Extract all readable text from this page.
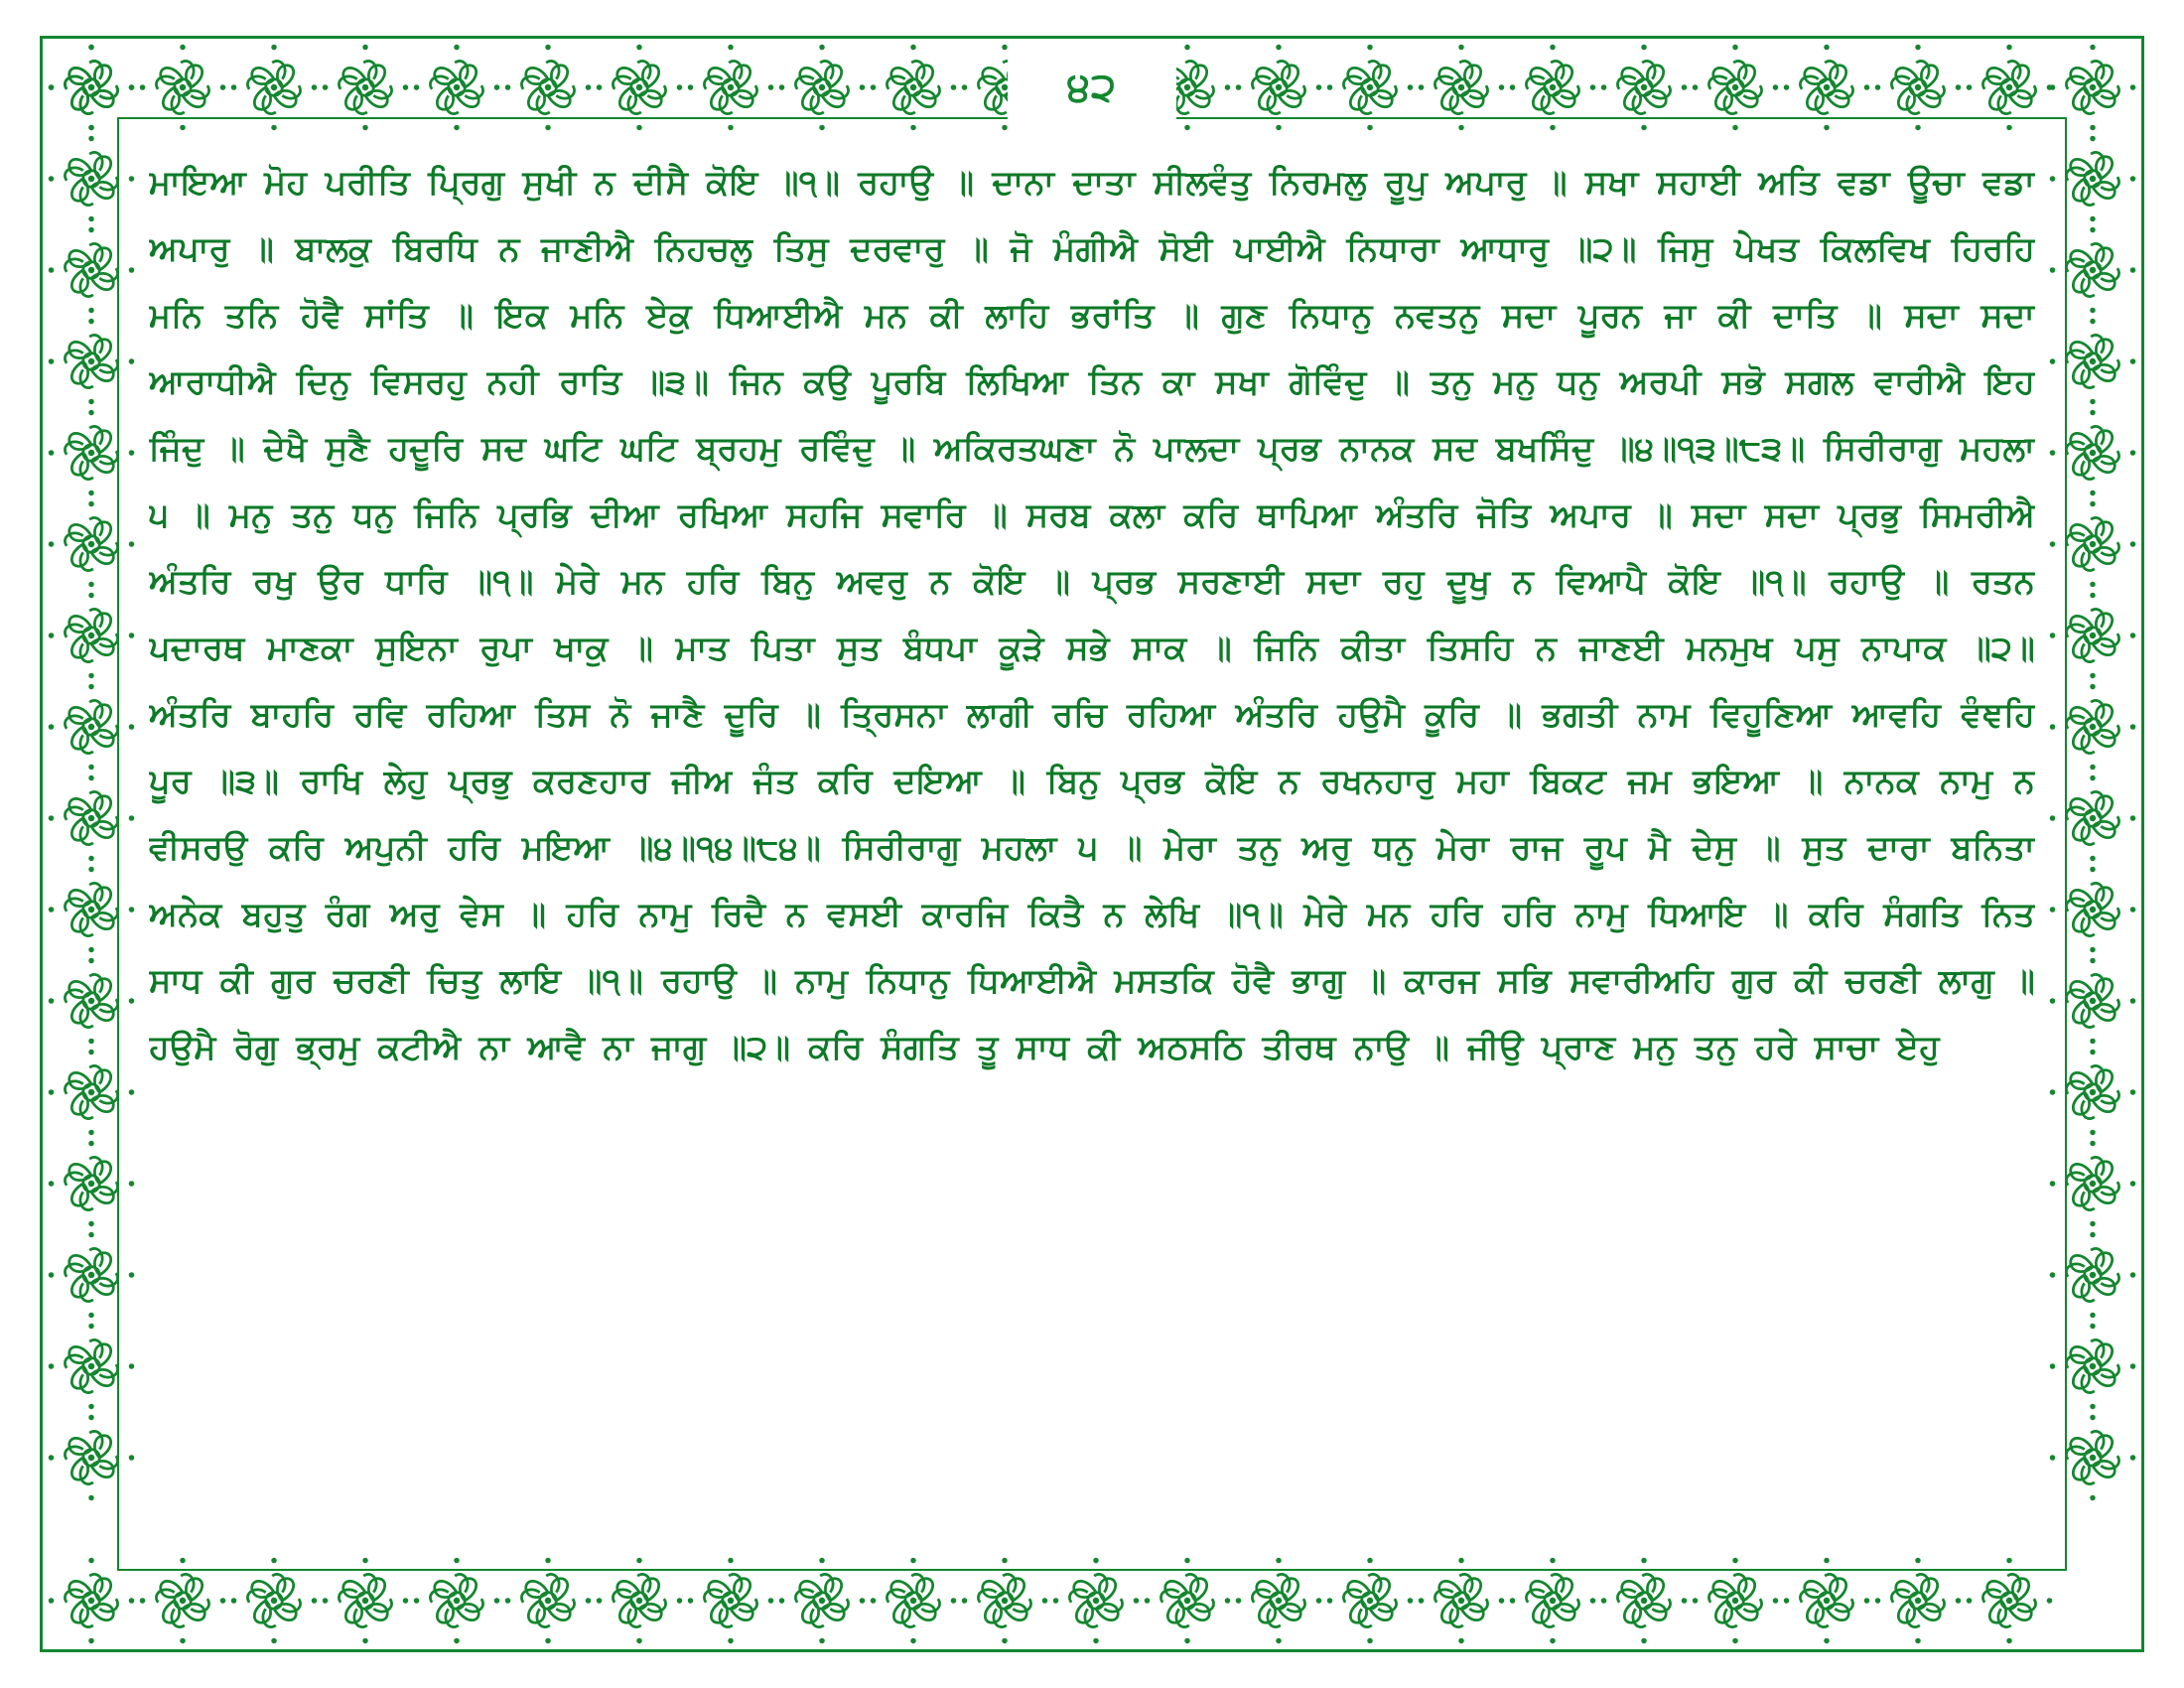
੪੨

ਮਾਇਆ ਮੋਹ ਪਰੀਤਿ ਪ੍ਰਿਗੁ ਸੁਖੀ ਨ ਦੀਸੈ ਕੋਇ ॥੧॥ ਰਹਾਉ ॥ ਦਾਨਾ ਦਾਤਾ ਸੀਲਵੰਤੁ ਨਿਰਮਲੁ ਰੂਪੁ ਅਪਾਰੁ ॥ ਸਖਾ ਸਹਾਈ ਅਤਿ ਵਡਾ ਊਚਾ ਵਡਾ ਅਪਾਰੁ ॥ ਬਾਲਕੁ ਬਿਰਧਿ ਨ ਜਾਣੀਐ ਨਿਹਚਲੁ ਤਿਸੁ ਦਰਵਾਰੁ ॥ ਜੋ ਮੰਗੀਐ ਸੋਈ ਪਾਈਐ ਨਿਧਾਰਾ ਆਧਾਰੁ ॥੨॥ ਜਿਸੁ ਪੇਖਤ ਕਿਲਵਿਖ ਹਿਰਹਿ ਮਨਿ ਤਨਿ ਹੋਵੈ ਸਾਂਤਿ ॥ ਇਕ ਮਨਿ ਏਕੁ ਧਿਆਈਐ ਮਨ ਕੀ ਲਾਹਿ ਭਰਾਂਤਿ ॥ ਗੁਣ ਨਿਧਾਨੁ ਨਵਤਨੁ ਸਦਾ ਪੂਰਨ ਜਾ ਕੀ ਦਾਤਿ ॥ ਸਦਾ ਸਦਾ ਆਰਾਧੀਐ ਦਿਨੁ ਵਿਸਰਹੁ ਨਹੀ ਰਾਤਿ ॥੩॥ ਜਿਨ ਕਉ ਪੂਰਬਿ ਲਿਖਿਆ ਤਿਨ ਕਾ ਸਖਾ ਗੋਵਿੰਦੁ ॥ ਤਨੁ ਮਨੁ ਧਨੁ ਅਰਪੀ ਸਭੋ ਸਗਲ ਵਾਰੀਐ ਇਹ ਜਿੰਦੁ ॥ ਦੇਖੈ ਸੁਣੈ ਹਦੂਰਿ ਸਦ ਘਟਿ ਘਟਿ ਬ੍ਰਹਮੁ ਰਵਿੰਦੁ ॥ ਅਕਿਰਤਘਣਾ ਨੋ ਪਾਲਦਾ ਪ੍ਰਭ ਨਾਨਕ ਸਦ ਬਖਸਿੰਦੁ ॥੪॥੧੩॥੮੩॥ ਸਿਰੀਰਾਗੁ ਮਹਲਾ ੫ ॥ ਮਨੁ ਤਨੁ ਧਨੁ ਜਿਨਿ ਪ੍ਰਭਿ ਦੀਆ ਰਖਿਆ ਸਹਜਿ ਸਵਾਰਿ ॥ ਸਰਬ ਕਲਾ ਕਰਿ ਥਾਪਿਆ ਅੰਤਰਿ ਜੋਤਿ ਅਪਾਰ ॥ ਸਦਾ ਸਦਾ ਪ੍ਰਭੁ ਸਿਮਰੀਐ ਅੰਤਰਿ ਰਖੁ ਉਰ ਧਾਰਿ ॥੧॥ ਮੇਰੇ ਮਨ ਹਰਿ ਬਿਨੁ ਅਵਰੁ ਨ ਕੋਇ ॥ ਪ੍ਰਭ ਸਰਣਾਈ ਸਦਾ ਰਹੁ ਦੂਖੁ ਨ ਵਿਆਪੈ ਕੋਇ ॥੧॥ ਰਹਾਉ ॥ ਰਤਨ ਪਦਾਰਥ ਮਾਣਕਾ ਸੁਇਨਾ ਰੁਪਾ ਖਾਕੁ ॥ ਮਾਤ ਪਿਤਾ ਸੁਤ ਬੰਧਪਾ ਕੂੜੇ ਸਭੇ ਸਾਕ ॥ ਜਿਨਿ ਕੀਤਾ ਤਿਸਹਿ ਨ ਜਾਣਈ ਮਨਮੁਖ ਪਸੁ ਨਾਪਾਕ ॥੨॥ ਅੰਤਰਿ ਬਾਹਰਿ ਰਵਿ ਰਹਿਆ ਤਿਸ ਨੋ ਜਾਣੈ ਦੂਰਿ ॥ ਤ੍ਰਿਸਨਾ ਲਾਗੀ ਰਚਿ ਰਹਿਆ ਅੰਤਰਿ ਹਉਮੈ ਕੂਰਿ ॥ ਭਗਤੀ ਨਾਮ ਵਿਹੂਣਿਆ ਆਵਹਿ ਵੰਞਹਿ ਪੂਰ ॥੩॥ ਰਾਖਿ ਲੇਹੁ ਪ੍ਰਭੁ ਕਰਣਹਾਰ ਜੀਅ ਜੰਤ ਕਰਿ ਦਇਆ ॥ ਬਿਨੁ ਪ੍ਰਭ ਕੋਇ ਨ ਰਖਨਹਾਰੁ ਮਹਾ ਬਿਕਟ ਜਮ ਭਇਆ ॥ ਨਾਨਕ ਨਾਮੁ ਨ ਵੀਸਰਉ ਕਰਿ ਅਪੁਨੀ ਹਰਿ ਮਇਆ ॥੪॥੧੪॥੮੪॥ ਸਿਰੀਰਾਗੁ ਮਹਲਾ ੫ ॥ ਮੇਰਾ ਤਨੁ ਅਰੁ ਧਨੁ ਮੇਰਾ ਰਾਜ ਰੂਪ ਮੈ ਦੇਸੁ ॥ ਸੁਤ ਦਾਰਾ ਬਨਿਤਾ ਅਨੇਕ ਬਹੁਤੁ ਰੰਗ ਅਰੁ ਵੇਸ ॥ ਹਰਿ ਨਾਮੁ ਰਿਦੈ ਨ ਵਸਈ ਕਾਰਜਿ ਕਿਤੈ ਨ ਲੇਖਿ ॥੧॥ ਮੇਰੇ ਮਨ ਹਰਿ ਹਰਿ ਨਾਮੁ ਧਿਆਇ ॥ ਕਰਿ ਸੰਗਤਿ ਨਿਤ ਸਾਧ ਕੀ ਗੁਰ ਚਰਣੀ ਚਿਤੁ ਲਾਇ ॥੧॥ ਰਹਾਉ ॥ ਨਾਮੁ ਨਿਧਾਨੁ ਧਿਆਈਐ ਮਸਤਕਿ ਹੋਵੈ ਭਾਗੁ ॥ ਕਾਰਜ ਸਭਿ ਸਵਾਰੀਅਹਿ ਗੁਰ ਕੀ ਚਰਣੀ ਲਾਗੁ ॥ ਹਉਮੈ ਰੋਗੁ ਭ੍ਰਮੁ ਕਟੀਐ ਨਾ ਆਵੈ ਨਾ ਜਾਗੁ ॥੨॥ ਕਰਿ ਸੰਗਤਿ ਤੂ ਸਾਧ ਕੀ ਅਠਸਠਿ ਤੀਰਥ ਨਾਉ ॥ ਜੀਉ ਪ੍ਰਾਣ ਮਨੁ ਤਨੁ ਹਰੇ ਸਾਚਾ ਏਹੁ
